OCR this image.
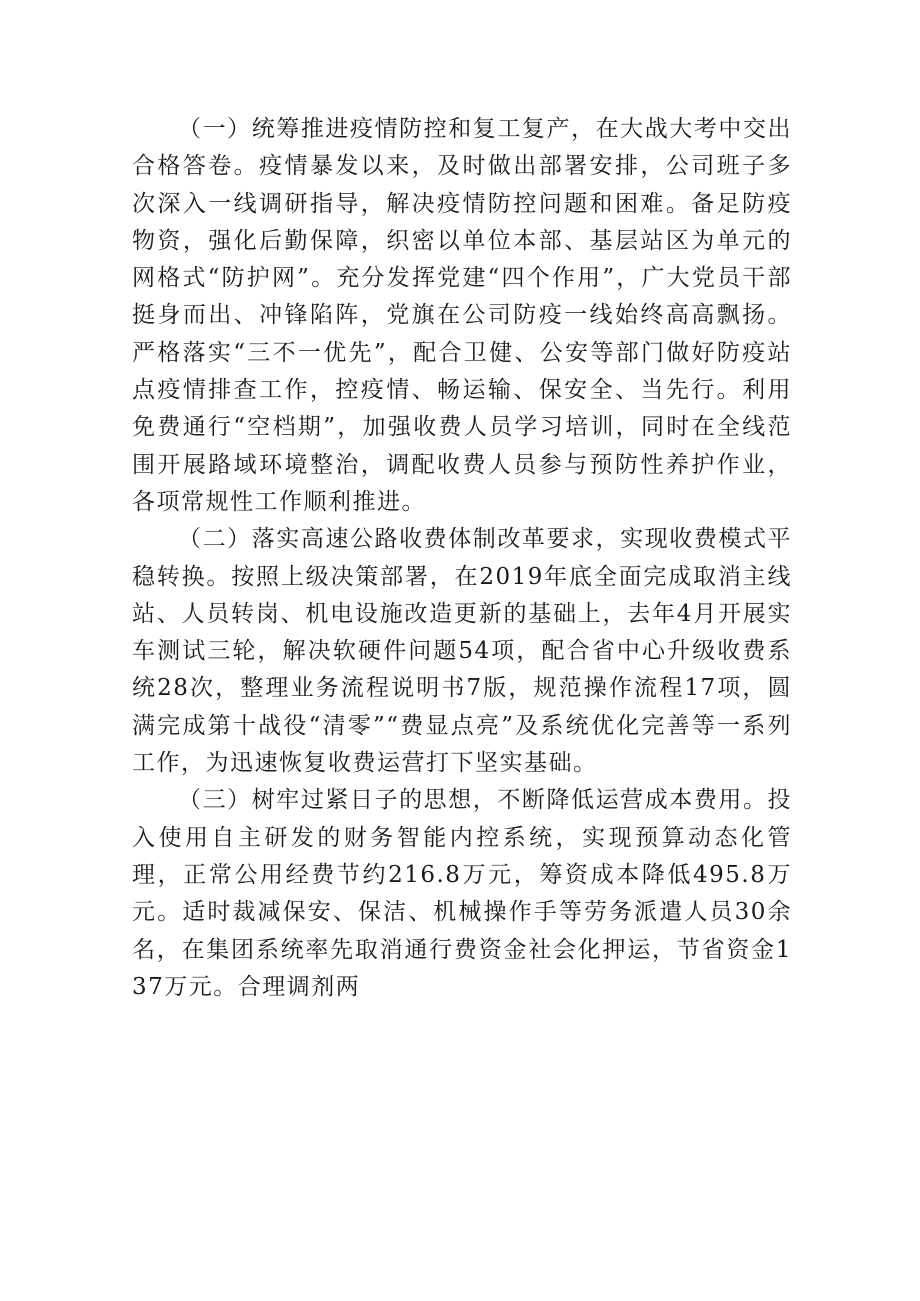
（一）统筹推进疫情防控和复工复产，在大战大考中交出合格答卷。疫情暴发以来，及时做出部署安排，公司班子多次深入一线调研指导，解决疫情防控问题和困难。备足防疫物资，强化后勤保障，织密以单位本部、基层站区为单元的网格式“防护网”。充分发挥党建“四个作用”，广大党员干部挺身而出、冲锋陷阵，党旗在公司防疫一线始终高高飘扬。严格落实“三不一优先”，配合卫健、公安等部门做好防疫站点疫情排查工作，控疫情、畅运输、保安全、当先行。利用免费通行“空档期”，加强收费人员学习培训，同时在全线范围开展路域环境整治，调配收费人员参与预防性养护作业，各项常规性工作顺利推进。

（二）落实高速公路收费体制改革要求，实现收费模式平稳转换。按照上级决策部署，在2019年底全面完成取消主线站、人员转岗、机电设施改造更新的基础上，去年4月开展实车测试三轮，解决软硬件问题54项，配合省中心升级收费系统28次，整理业务流程说明书7版，规范操作流程17项，圆满完成第十战役“清零”“费显点亮”及系统优化完善等一系列工作，为迅速恢复收费运营打下坚实基础。

（三）树牢过紧日子的思想，不断降低运营成本费用。投入使用自主研发的财务智能内控系统，实现预算动态化管理，正常公用经费节约216.8万元，筹资成本降低495.8万元。适时裁减保安、保洁、机械操作手等劳务派遣人员30余名，在集团系统率先取消通行费资金社会化押运，节省资金137万元。合理调剂两
